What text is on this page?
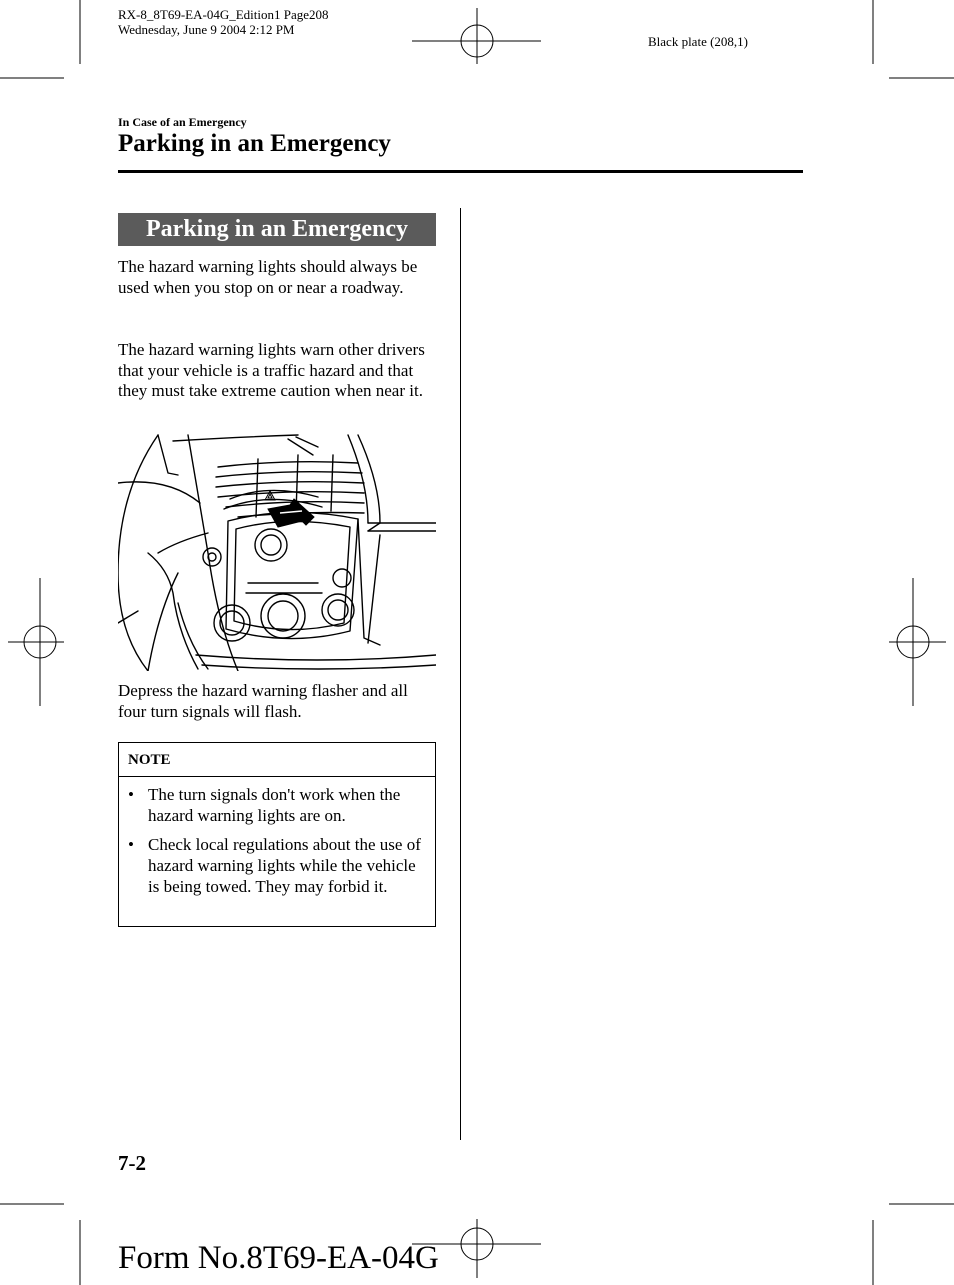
RX-8_8T69-EA-04G_Edition1 Page208
Wednesday, June 9 2004 2:12 PM
Black plate (208,1)
In Case of an Emergency
Parking in an Emergency
Parking in an Emergency
The hazard warning lights should always be used when you stop on or near a roadway.
The hazard warning lights warn other drivers that your vehicle is a traffic hazard and that they must take extreme caution when near it.
Depress the hazard warning flasher and all four turn signals will flash.
NOTE
• The turn signals don't work when the hazard warning lights are on.
• Check local regulations about the use of hazard warning lights while the vehicle is being towed. They may forbid it.
7-2
Form No.8T69-EA-04G
